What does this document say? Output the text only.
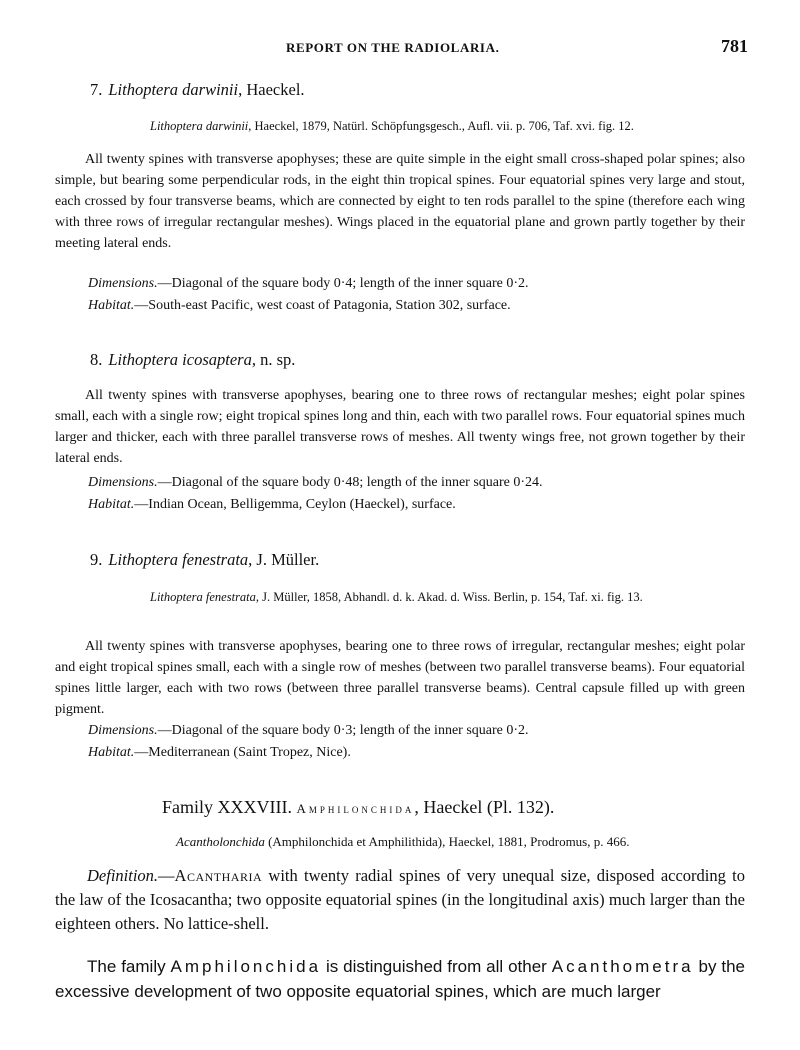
REPORT ON THE RADIOLARIA.	781
7. Lithoptera darwinii, Haeckel.
Lithoptera darwinii, Haeckel, 1879, Natürl. Schöpfungsgesch., Aufl. vii. p. 706, Taf. xvi. fig. 12.
All twenty spines with transverse apophyses; these are quite simple in the eight small cross-shaped polar spines; also simple, but bearing some perpendicular rods, in the eight thin tropical spines. Four equatorial spines very large and stout, each crossed by four transverse beams, which are connected by eight to ten rods parallel to the spine (therefore each wing with three rows of irregular rectangular meshes). Wings placed in the equatorial plane and grown partly together by their meeting lateral ends.
Dimensions.—Diagonal of the square body 0·4; length of the inner square 0·2.
Habitat.—South-east Pacific, west coast of Patagonia, Station 302, surface.
8. Lithoptera icosaptera, n. sp.
All twenty spines with transverse apophyses, bearing one to three rows of rectangular meshes; eight polar spines small, each with a single row; eight tropical spines long and thin, each with two parallel rows. Four equatorial spines much larger and thicker, each with three parallel transverse rows of meshes. All twenty wings free, not grown together by their lateral ends.
Dimensions.—Diagonal of the square body 0·48; length of the inner square 0·24.
Habitat.—Indian Ocean, Belligemma, Ceylon (Haeckel), surface.
9. Lithoptera fenestrata, J. Müller.
Lithoptera fenestrata, J. Müller, 1858, Abhandl. d. k. Akad. d. Wiss. Berlin, p. 154, Taf. xi. fig. 13.
All twenty spines with transverse apophyses, bearing one to three rows of irregular, rectangular meshes; eight polar and eight tropical spines small, each with a single row of meshes (between two parallel transverse beams). Four equatorial spines little larger, each with two rows (between three parallel transverse beams). Central capsule filled up with green pigment.
Dimensions.—Diagonal of the square body 0·3; length of the inner square 0·2.
Habitat.—Mediterranean (Saint Tropez, Nice).
Family XXXVIII. Amphilonchida, Haeckel (Pl. 132).
Acantholonchida (Amphilonchida et Amphilithida), Haeckel, 1881, Prodromus, p. 466.
Definition.—Acantharia with twenty radial spines of very unequal size, disposed according to the law of the Icosacantha; two opposite equatorial spines (in the longitudinal axis) much larger than the eighteen others. No lattice-shell.
The family Amphilonchida is distinguished from all other Acanthometra by the excessive development of two opposite equatorial spines, which are much larger
